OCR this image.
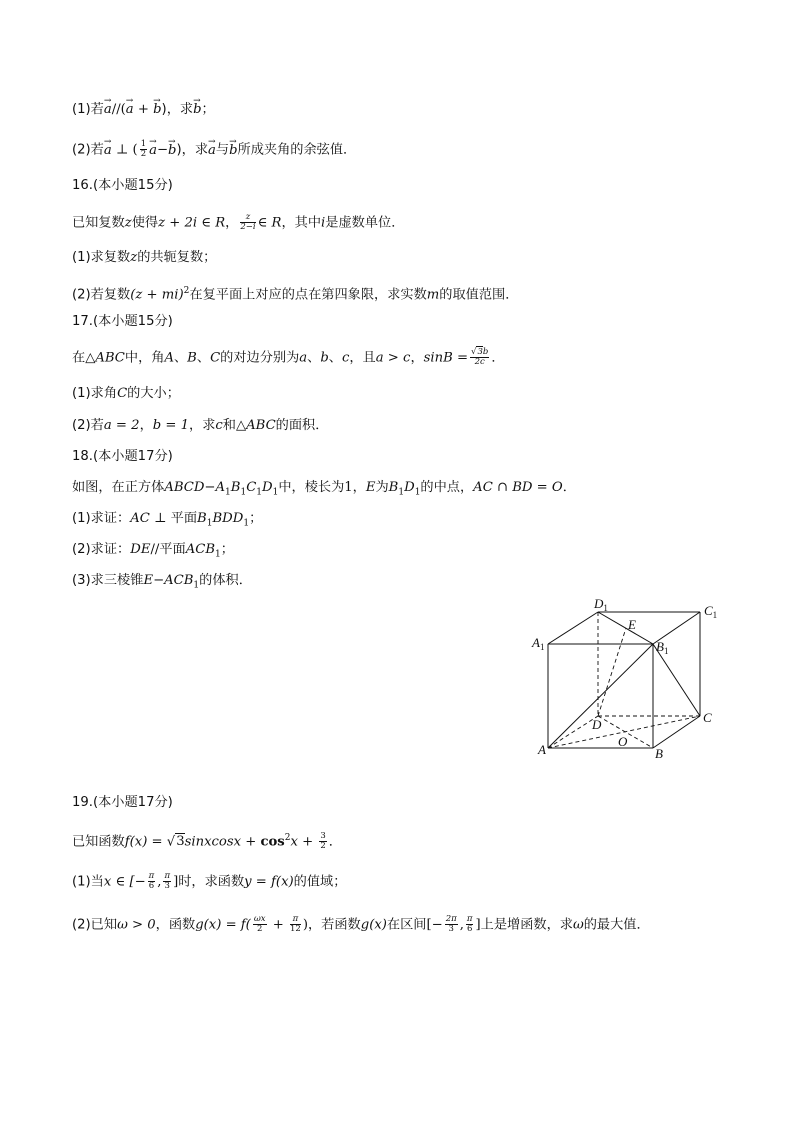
(1)若→ a//(→ a + → b)，求→ b；
(2)若→ a ⊥ ( $\frac{1}{2}$
→ a−→ b)，求→ a与→ b所成夹角的余弦值．
16.(本小题15分)
已知复数z使得z + 2i ∈ R， $\frac{z}{2-i}$ ∈ R，其中i是虚数单位．
(1)求复数z的共轭复数；
(2)若复数(z + mi)$^2$在复平面上对应的点在第四象限，求实数m的取值范围．
17.(本小题15分)
在△ABC中，角A、B、C的对边分别为a、b、c，且a > c，$\sin B = \frac{√3b}{2c}$ ．
(1)求角C的大小；
(2)若a = 2，b = 1，求c和△ABC的面积．
18.(本小题17分)
如图，在正方体$ABCD-A_1B_1C_1D_1$中，棱长为1，E为$B_1D_1$的中点，AC ∩ BD = O．
(1)求证：AC ⊥ 平面$B_1BDD_1$；
(2)求证：DE//平面$ACB_1$；
(3)求三棱锥$E-ACB_1$的体积．
$D_1$	$C_1$
$A_1$	$B_1$
E
D	C
A
O
B
19.(本小题17分)
已知函数f(x) = √3sinxcosx + $\cos^2x + \frac{3}{2}$ ．
(1)当x ∈ [− $\frac{\pi}{6}$ , $\frac{\pi}{3}$ ]时，求函数y = f(x)的值域；
(2)已知ω > 0，函数$g(x) = f( \frac{\omega x}{2} + \frac{\pi}{12}$ )，若函数g(x)在区间[− $\frac{2\pi}{3}$ , $\frac{\pi}{6}$ ]上是增函数，求ω的最大值．
